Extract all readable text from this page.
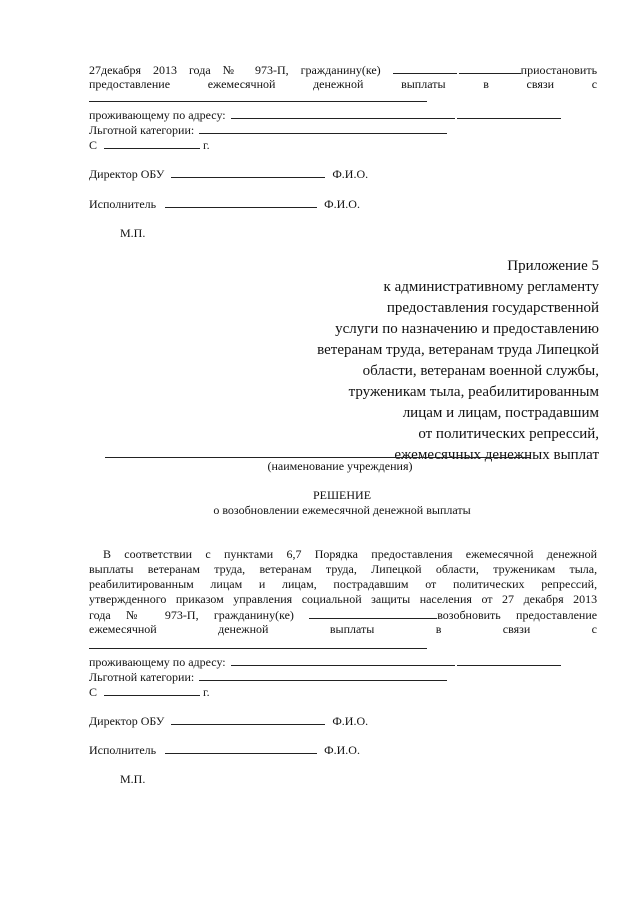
27декабря 2013 года № 973-П, гражданину(ке)	приостановить
предоставление	ежемесячной	денежной	выплаты	в	связи	с
проживающему по адресу:
Льготной категории:
С	г.
Директор ОБУ	Ф.И.О.
Исполнитель	Ф.И.О.
М.П.
Приложение 5
к административному регламенту
предоставления государственной
услуги по назначению и предоставлению
ветеранам труда, ветеранам труда Липецкой
области, ветеранам военной службы,
труженикам тыла, реабилитированным
лицам и лицам, пострадавшим
от политических репрессий,
ежемесячных денежных выплат
(наименование учреждения)
РЕШЕНИЕ
о возобновлении ежемесячной денежной выплаты
В соответствии с пунктами 6,7 Порядка предоставления ежемесячной денежной
выплаты ветеранам труда, ветеранам труда, Липецкой области, труженикам тыла,
реабилитированным лицам и лицам, пострадавшим от политических репрессий,
утвержденного приказом управления социальной защиты населения от 27 декабря 2013
года № 973-П, гражданину(ке)	возобновить предоставление
ежемесячной	денежной	выплаты	в	связи	с
проживающему по адресу:
Льготной категории:
С	г.
Директор ОБУ	Ф.И.О.
Исполнитель	Ф.И.О.
М.П.
